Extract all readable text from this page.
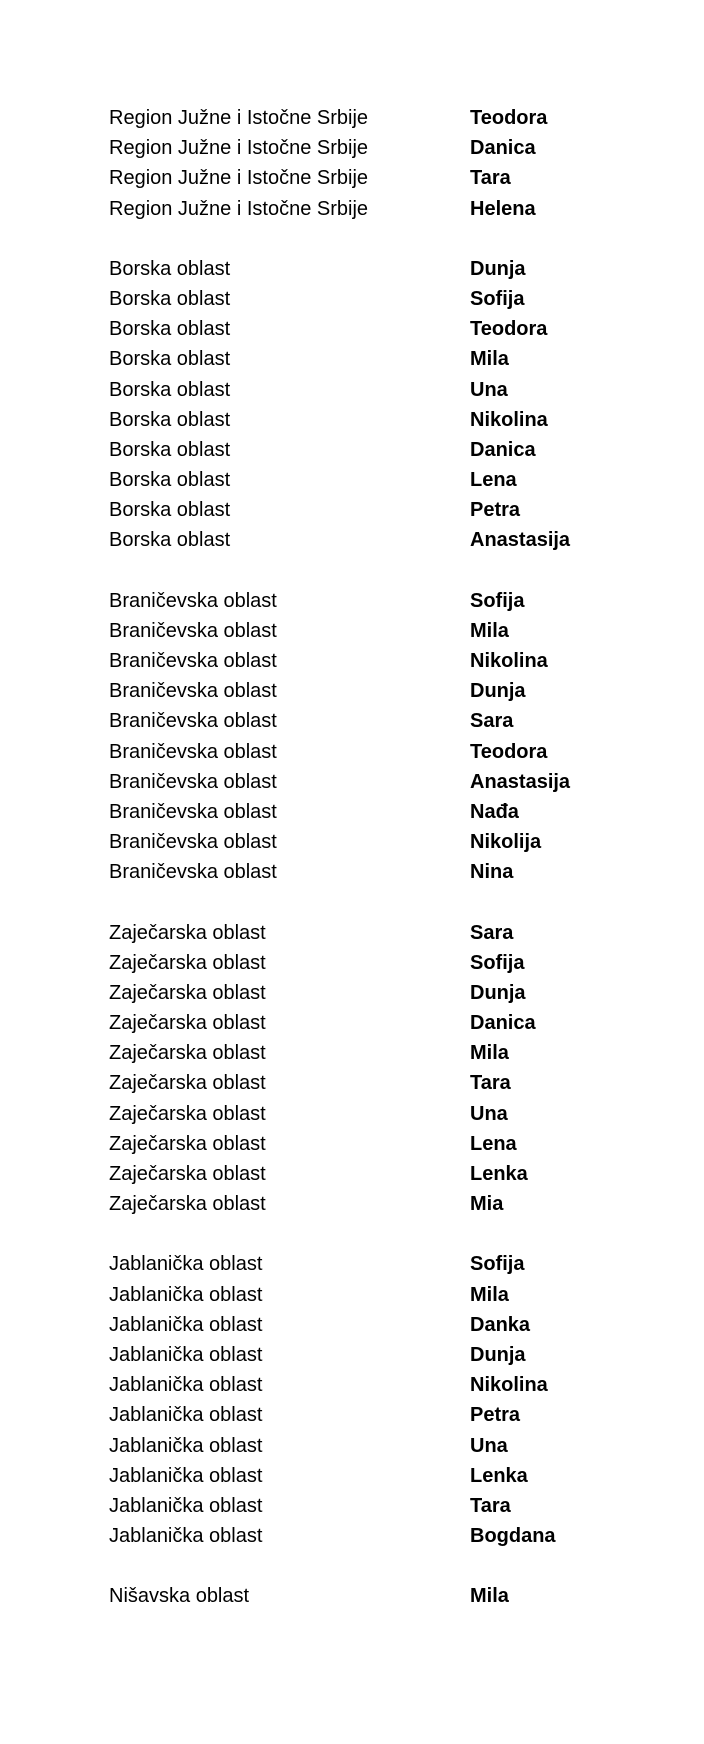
Region Južne i Istočne Srbije	Teodora
Region Južne i Istočne Srbije	Danica
Region Južne i Istočne Srbije	Tara
Region Južne i Istočne Srbije	Helena
Borska oblast	Dunja
Borska oblast	Sofija
Borska oblast	Teodora
Borska oblast	Mila
Borska oblast	Una
Borska oblast	Nikolina
Borska oblast	Danica
Borska oblast	Lena
Borska oblast	Petra
Borska oblast	Anastasija
Braničevska oblast	Sofija
Braničevska oblast	Mila
Braničevska oblast	Nikolina
Braničevska oblast	Dunja
Braničevska oblast	Sara
Braničevska oblast	Teodora
Braničevska oblast	Anastasija
Braničevska oblast	Nađa
Braničevska oblast	Nikolija
Braničevska oblast	Nina
Zaječarska oblast	Sara
Zaječarska oblast	Sofija
Zaječarska oblast	Dunja
Zaječarska oblast	Danica
Zaječarska oblast	Mila
Zaječarska oblast	Tara
Zaječarska oblast	Una
Zaječarska oblast	Lena
Zaječarska oblast	Lenka
Zaječarska oblast	Mia
Jablanička oblast	Sofija
Jablanička oblast	Mila
Jablanička oblast	Danka
Jablanička oblast	Dunja
Jablanička oblast	Nikolina
Jablanička oblast	Petra
Jablanička oblast	Una
Jablanička oblast	Lenka
Jablanička oblast	Tara
Jablanička oblast	Bogdana
Nišavska oblast	Mila
